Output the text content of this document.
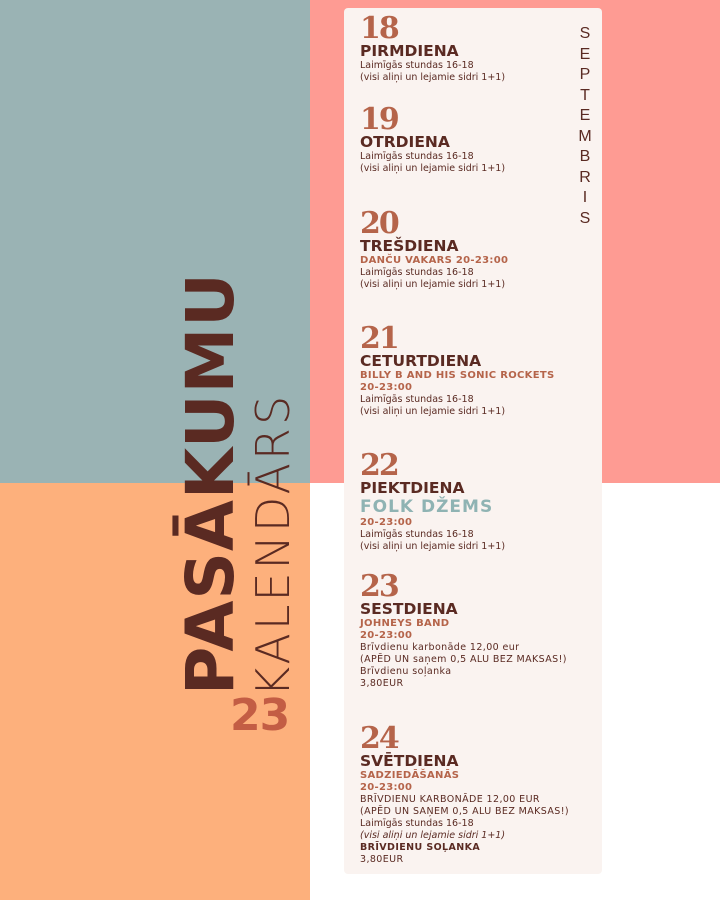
PASĀKUMU
KALENDĀRS
23
S
E
P
T
E
M
B
R
I
S
18
PIRMDIENA
Laimīgās stundas 16-18
(visi aliņi un lejamie sidri 1+1)
19
OTRDIENA
Laimīgās stundas 16-18
(visi aliņi un lejamie sidri 1+1)
20
TREŠDIENA
DANČU VAKARS 20-23:00
Laimīgās stundas 16-18
(visi aliņi un lejamie sidri 1+1)
21
CETURTDIENA
BILLY B AND HIS SONIC ROCKETS
20-23:00
Laimīgās stundas 16-18
(visi aliņi un lejamie sidri 1+1)
22
PIEKTDIENA
FOLK DŽEMS
20-23:00
Laimīgās stundas 16-18
(visi aliņi un lejamie sidri 1+1)
23
SESTDIENA
JOHNEYS BAND
20-23:00
Brīvdienu karbonāde 12,00 eur
(APĒD UN saņem 0,5 ALU BEZ MAKSAS!)
Brīvdienu soļanka
3,80EUR
24
SVĒTDIENA
SADZIEDĀŠANĀS
20-23:00
BRĪVDIENU KARBONĀDE 12,00 EUR
(APĒD UN SAŅEM 0,5 ALU BEZ MAKSAS!)
Laimīgās stundas 16-18
(visi aliņi un lejamie sidri 1+1)
BRĪVDIENU SOĻANKA
3,80EUR
